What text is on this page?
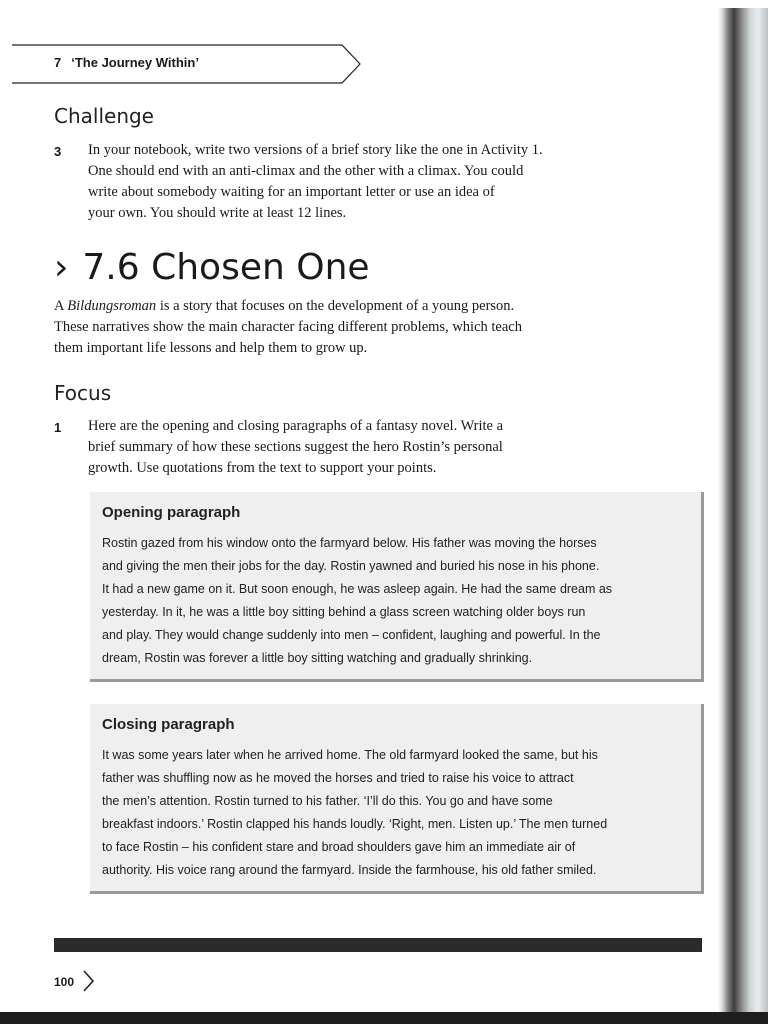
7 ‘The Journey Within’
Challenge
3 In your notebook, write two versions of a brief story like the one in Activity 1.
One should end with an anti-climax and the other with a climax. You could
write about somebody waiting for an important letter or use an idea of
your own. You should write at least 12 lines.
› 7.6 Chosen One
A Bildungsroman is a story that focuses on the development of a young person.
These narratives show the main character facing different problems, which teach
them important life lessons and help them to grow up.
Focus
1 Here are the opening and closing paragraphs of a fantasy novel. Write a
brief summary of how these sections suggest the hero Rostin’s personal
growth. Use quotations from the text to support your points.
Opening paragraph
Rostin gazed from his window onto the farmyard below. His father was moving the horses
and giving the men their jobs for the day. Rostin yawned and buried his nose in his phone.
It had a new game on it. But soon enough, he was asleep again. He had the same dream as
yesterday. In it, he was a little boy sitting behind a glass screen watching older boys run
and play. They would change suddenly into men – confident, laughing and powerful. In the
dream, Rostin was forever a little boy sitting watching and gradually shrinking.
Closing paragraph
It was some years later when he arrived home. The old farmyard looked the same, but his
father was shuffling now as he moved the horses and tried to raise his voice to attract
the men’s attention. Rostin turned to his father. ‘I’ll do this. You go and have some
breakfast indoors.’ Rostin clapped his hands loudly. ‘Right, men. Listen up.’ The men turned
to face Rostin – his confident stare and broad shoulders gave him an immediate air of
authority. His voice rang around the farmyard. Inside the farmhouse, his old father smiled.
100
